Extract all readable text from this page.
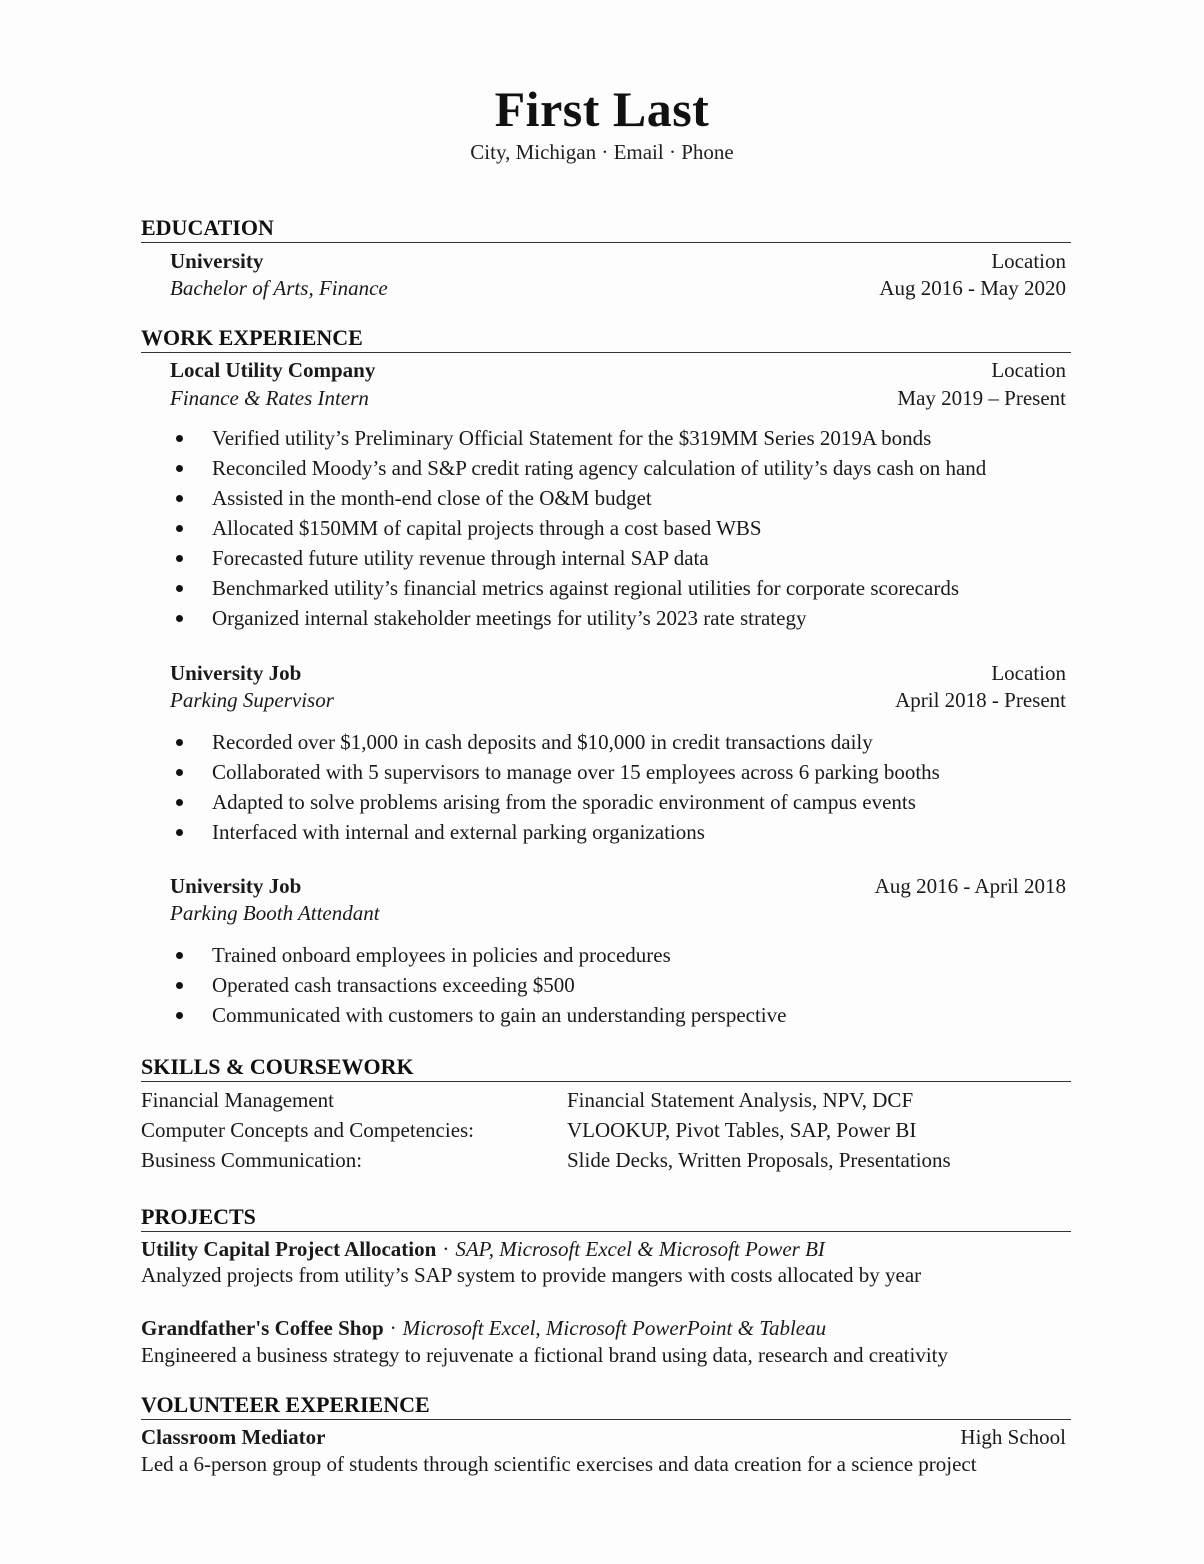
First Last
City, Michigan · Email · Phone
EDUCATION
University	Location
Bachelor of Arts, Finance	Aug 2016 - May 2020
WORK EXPERIENCE
Local Utility Company	Location
Finance & Rates Intern	May 2019 – Present
Verified utility’s Preliminary Official Statement for the $319MM Series 2019A bonds
Reconciled Moody’s and S&P credit rating agency calculation of utility’s days cash on hand
Assisted in the month-end close of the O&M budget
Allocated $150MM of capital projects through a cost based WBS
Forecasted future utility revenue through internal SAP data
Benchmarked utility’s financial metrics against regional utilities for corporate scorecards
Organized internal stakeholder meetings for utility’s 2023 rate strategy
University Job	Location
Parking Supervisor	April 2018 - Present
Recorded over $1,000 in cash deposits and $10,000 in credit transactions daily
Collaborated with 5 supervisors to manage over 15 employees across 6 parking booths
Adapted to solve problems arising from the sporadic environment of campus events
Interfaced with internal and external parking organizations
University Job	Aug 2016 - April 2018
Parking Booth Attendant
Trained onboard employees in policies and procedures
Operated cash transactions exceeding $500
Communicated with customers to gain an understanding perspective
SKILLS & COURSEWORK
Financial Management	Financial Statement Analysis, NPV, DCF
Computer Concepts and Competencies:	VLOOKUP, Pivot Tables, SAP, Power BI
Business Communication:	Slide Decks, Written Proposals, Presentations
PROJECTS
Utility Capital Project Allocation · SAP, Microsoft Excel & Microsoft Power BI
Analyzed projects from utility’s SAP system to provide mangers with costs allocated by year
Grandfather's Coffee Shop · Microsoft Excel, Microsoft PowerPoint & Tableau
Engineered a business strategy to rejuvenate a fictional brand using data, research and creativity
VOLUNTEER EXPERIENCE
Classroom Mediator	High School
Led a 6-person group of students through scientific exercises and data creation for a science project
